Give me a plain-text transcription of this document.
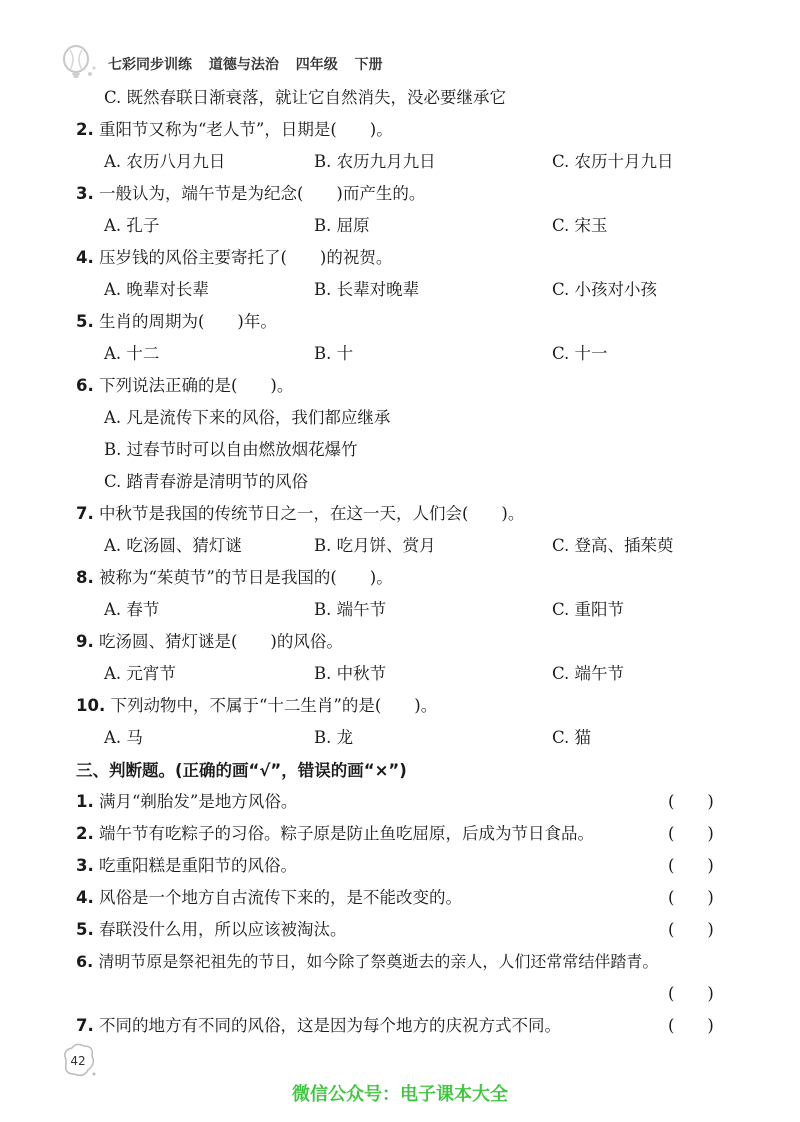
七彩同步训练 道德与法治 四年级 下册
C. 既然春联日渐衰落，就让它自然消失，没必要继承它
2. 重阳节又称为“老人节”，日期是(　　)。
A. 农历八月九日	B. 农历九月九日	C. 农历十月九日
3. 一般认为，端午节是为纪念(　　)而产生的。
A. 孔子	B. 屈原	C. 宋玉
4. 压岁钱的风俗主要寄托了(　　)的祝贺。
A. 晚辈对长辈	B. 长辈对晚辈	C. 小孩对小孩
5. 生肖的周期为(　　)年。
A. 十二	B. 十	C. 十一
6. 下列说法正确的是(　　)。
A. 凡是流传下来的风俗，我们都应继承
B. 过春节时可以自由燃放烟花爆竹
C. 踏青春游是清明节的风俗
7. 中秋节是我国的传统节日之一，在这一天，人们会(　　)。
A. 吃汤圆、猜灯谜	B. 吃月饼、赏月	C. 登高、插茱萸
8. 被称为“茱萸节”的节日是我国的(　　)。
A. 春节	B. 端午节	C. 重阳节
9. 吃汤圆、猜灯谜是(　　)的风俗。
A. 元宵节	B. 中秋节	C. 端午节
10. 下列动物中，不属于“十二生肖”的是(　　)。
A. 马	B. 龙	C. 猫
三、判断题。(正确的画“√”，错误的画“×”)
1. 满月“剃胎发”是地方风俗。	(　　)
2. 端午节有吃粽子的习俗。粽子原是防止鱼吃屈原，后成为节日食品。	(　　)
3. 吃重阳糕是重阳节的风俗。	(　　)
4. 风俗是一个地方自古流传下来的，是不能改变的。	(　　)
5. 春联没什么用，所以应该被淘汰。	(　　)
6. 清明节原是祭祀祖先的节日，如今除了祭奠逝去的亲人，人们还常常结伴踏青。
(　　)
7. 不同的地方有不同的风俗，这是因为每个地方的庆祝方式不同。	(　　)
42
微信公众号：电子课本大全
